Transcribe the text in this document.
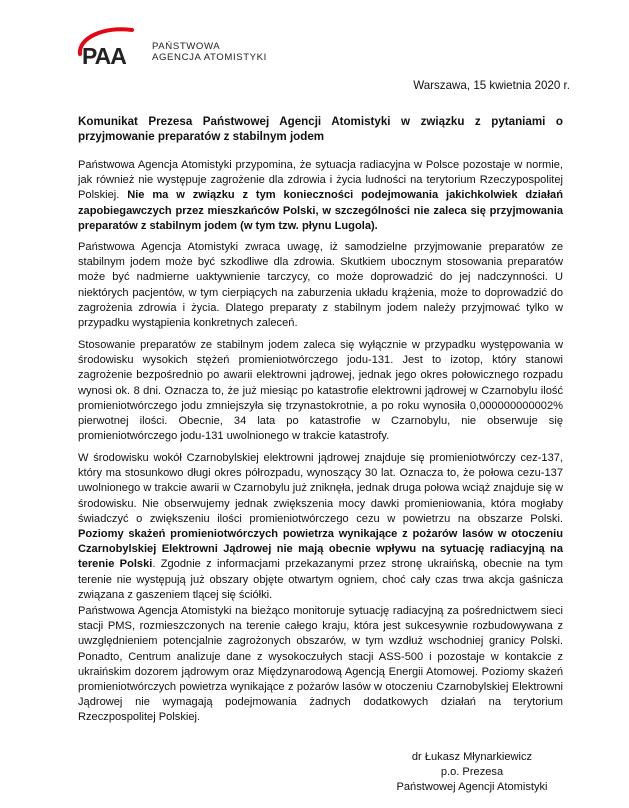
PAA	PAŃSTWOWA
AGENCJA ATOMISTYKI
Warszawa, 15 kwietnia 2020 r.
Komunikat Prezesa Państwowej Agencji Atomistyki w związku z pytaniami o przyjmowanie preparatów z stabilnym jodem

Państwowa Agencja Atomistyki przypomina, że sytuacja radiacyjna w Polsce pozostaje w normie, jak również nie występuje zagrożenie dla zdrowia i życia ludności na terytorium Rzeczypospolitej Polskiej. Nie ma w związku z tym konieczności podejmowania jakichkolwiek działań zapobiegawczych przez mieszkańców Polski, w szczególności nie zaleca się przyjmowania preparatów z stabilnym jodem (w tym tzw. płynu Lugola).

Państwowa Agencja Atomistyki zwraca uwagę, iż samodzielne przyjmowanie preparatów ze stabilnym jodem może być szkodliwe dla zdrowia. Skutkiem ubocznym stosowania preparatów może być nadmierne uaktywnienie tarczycy, co może doprowadzić do jej nadczynności. U niektórych pacjentów, w tym cierpiących na zaburzenia układu krążenia, może to doprowadzić do zagrożenia zdrowia i życia. Dlatego preparaty z stabilnym jodem należy przyjmować tylko w przypadku wystąpienia konkretnych zaleceń.

Stosowanie preparatów ze stabilnym jodem zaleca się wyłącznie w przypadku występowania w środowisku wysokich stężeń promieniotwórczego jodu-131. Jest to izotop, który stanowi zagrożenie bezpośrednio po awarii elektrowni jądrowej, jednak jego okres połowicznego rozpadu wynosi ok. 8 dni. Oznacza to, że już miesiąc po katastrofie elektrowni jądrowej w Czarnobylu ilość promieniotwórczego jodu zmniejszyła się trzynastokrotnie, a po roku wynosiła 0,000000000002% pierwotnej ilości. Obecnie, 34 lata po katastrofie w Czarnobylu, nie obserwuje się promieniotwórczego jodu-131 uwolnionego w trakcie katastrofy.

W środowisku wokół Czarnobylskiej elektrowni jądrowej znajduje się promieniotwórczy cez-137, który ma stosunkowo długi okres półrozpadu, wynoszący 30 lat. Oznacza to, że połowa cezu-137 uwolnionego w trakcie awarii w Czarnobylu już zniknęła, jednak druga połowa wciąż znajduje się w środowisku. Nie obserwujemy jednak zwiększenia mocy dawki promieniowania, która mogłaby świadczyć o zwiększeniu ilości promieniotwórczego cezu w powietrzu na obszarze Polski. Poziomy skażeń promieniotwórczych powietrza wynikające z pożarów lasów w otoczeniu Czarnobylskiej Elektrowni Jądrowej nie mają obecnie wpływu na sytuację radiacyjną na terenie Polski. Zgodnie z informacjami przekazanymi przez stronę ukraińską, obecnie na tym terenie nie występują już obszary objęte otwartym ogniem, choć cały czas trwa akcja gaśnicza związana z gaszeniem tlącej się ściółki.

Państwowa Agencja Atomistyki na bieżąco monitoruje sytuację radiacyjną za pośrednictwem sieci stacji PMS, rozmieszczonych na terenie całego kraju, która jest sukcesywnie rozbudowywana z uwzględnieniem potencjalnie zagrożonych obszarów, w tym wzdłuż wschodniej granicy Polski. Ponadto, Centrum analizuje dane z wysokoczułych stacji ASS-500 i pozostaje w kontakcie z ukraińskim dozorem jądrowym oraz Międzynarodową Agencją Energii Atomowej. Poziomy skażeń promieniotwórczych powietrza wynikające z pożarów lasów w otoczeniu Czarnobylskiej Elektrowni Jądrowej nie wymagają podejmowania żadnych dodatkowych działań na terytorium Rzeczpospolitej Polskiej.

dr Łukasz Młynarkiewicz
p.o. Prezesa
Państwowej Agencji Atomistyki
